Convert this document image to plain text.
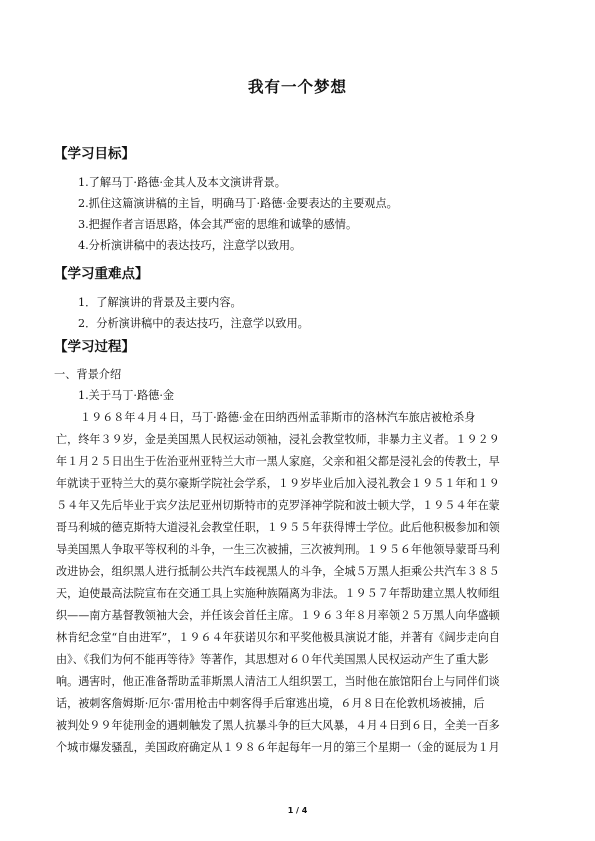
我有一个梦想
【学习目标】
1.了解马丁·路德·金其人及本文演讲背景。
2.抓住这篇演讲稿的主旨，明确马丁·路德·金要表达的主要观点。
3.把握作者言语思路，体会其严密的思维和诚挚的感情。
4.分析演讲稿中的表达技巧，注意学以致用。
【学习重难点】
1．了解演讲的背景及主要内容。
2．分析演讲稿中的表达技巧，注意学以致用。
【学习过程】
一、背景介绍
1.关于马丁·路德·金
１９６８年４月４日，马丁·路德·金在田纳西州孟菲斯市的洛林汽车旅店被枪杀身
亡，终年３９岁，金是美国黑人民权运动领袖，浸礼会教堂牧师，非暴力主义者。１９２９
年１月２５日出生于佐治亚州亚特兰大市一黑人家庭，父亲和祖父都是浸礼会的传教士，早
年就读于亚特兰大的莫尔豪斯学院社会学系，１９岁毕业后加入浸礼教会１９５１年和１９
５４年又先后毕业于宾夕法尼亚州切斯特市的克罗泽神学院和波士顿大学，１９５４年在蒙
哥马利城的德克斯特大道浸礼会教堂任职，１９５５年获得博士学位。此后他积极参加和领
导美国黑人争取平等权利的斗争，一生三次被捕，三次被判刑。１９５６年他领导蒙哥马利
改进协会，组织黑人进行抵制公共汽车歧视黑人的斗争，全城５万黑人拒乘公共汽车３８５
天，迫使最高法院宣布在交通工具上实施种族隔离为非法。１９５７年帮助建立黑人牧师组
织——南方基督教领袖大会，并任该会首任主席。１９６３年８月率领２５万黑人向华盛顿
林肯纪念堂“自由进军”，１９６４年获诺贝尔和平奖他极具演说才能，并著有《阔步走向自
由》、《我们为何不能再等待》等著作，其思想对６０年代美国黑人民权运动产生了重大影
响。遇害时，他正准备帮助孟菲斯黑人清洁工人组织罢工，当时他在旅馆阳台上与同伴们谈
话，被刺客詹姆斯·厄尔·雷用枪击中刺客得手后窜逃出境，６月８日在伦敦机场被捕，后
被判处９９年徒刑金的遇刺触发了黑人抗暴斗争的巨大风暴，４月４日到６日，全美一百多
个城市爆发骚乱，美国政府确定从１９８６年起每年一月的第三个星期一（金的诞辰为１月
1 / 4
